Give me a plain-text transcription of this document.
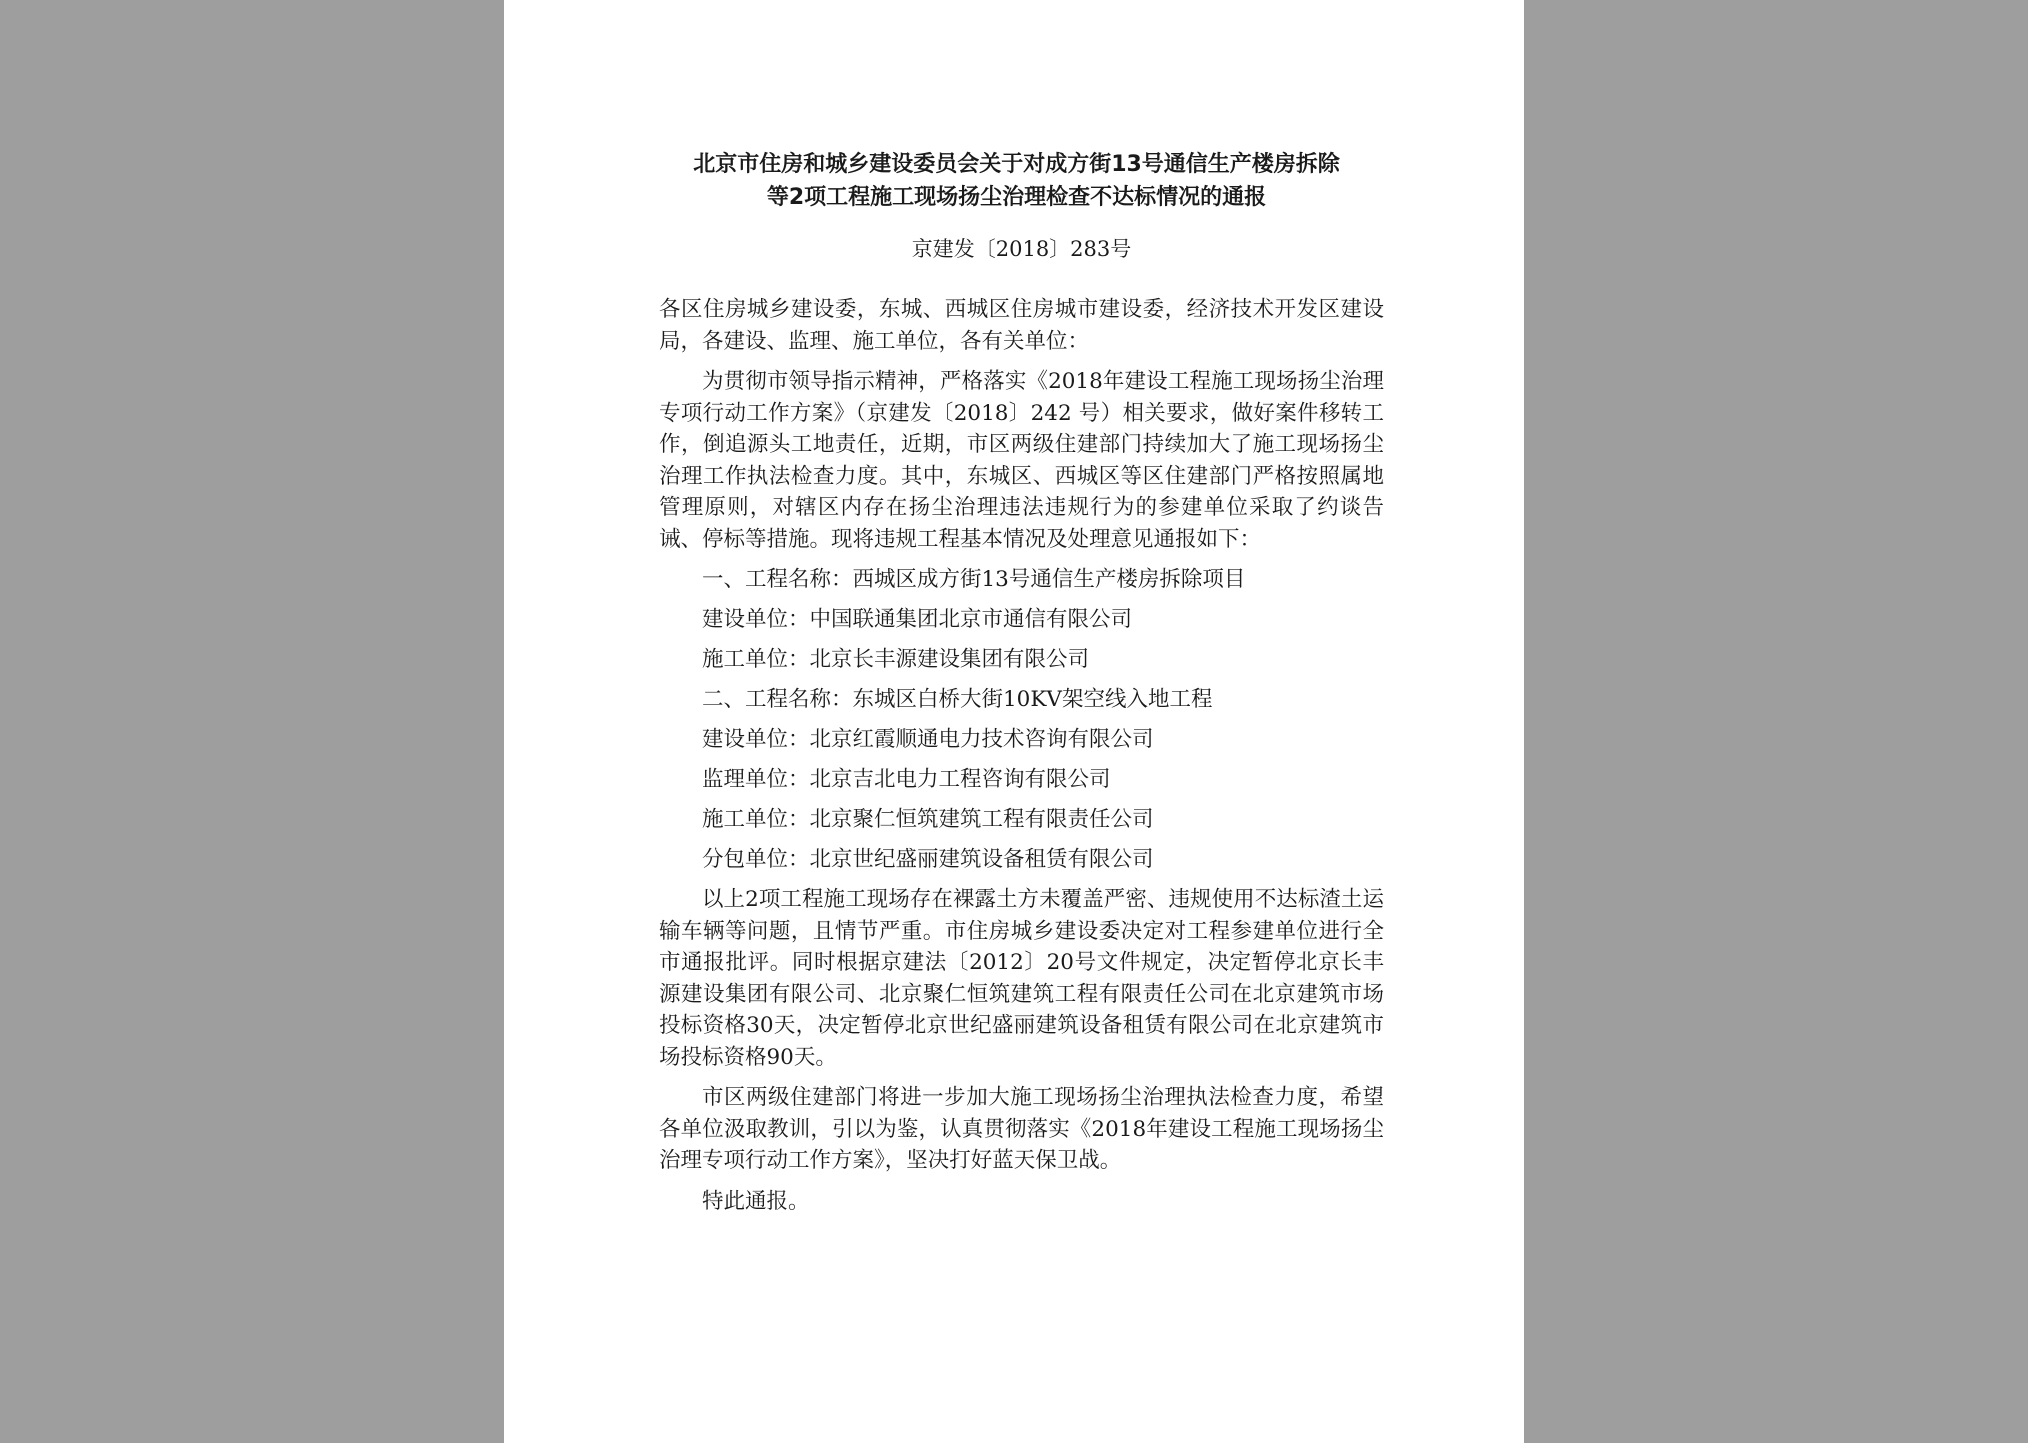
北京市住房和城乡建设委员会关于对成方街13号通信生产楼房拆除
等2项工程施工现场扬尘治理检查不达标情况的通报

京建发〔2018〕283号

各区住房城乡建设委，东城、西城区住房城市建设委，经济技术开发区建设局，各建设、监理、施工单位，各有关单位：

为贯彻市领导指示精神，严格落实《2018年建设工程施工现场扬尘治理专项行动工作方案》（京建发〔2018〕242 号）相关要求，做好案件移转工作，倒追源头工地责任，近期，市区两级住建部门持续加大了施工现场扬尘治理工作执法检查力度。其中，东城区、西城区等区住建部门严格按照属地管理原则，对辖区内存在扬尘治理违法违规行为的参建单位采取了约谈告诫、停标等措施。现将违规工程基本情况及处理意见通报如下：

一、工程名称：西城区成方街13号通信生产楼房拆除项目

建设单位：中国联通集团北京市通信有限公司

施工单位：北京长丰源建设集团有限公司

二、工程名称：东城区白桥大街10KV架空线入地工程

建设单位：北京红霞顺通电力技术咨询有限公司

监理单位：北京吉北电力工程咨询有限公司

施工单位：北京聚仁恒筑建筑工程有限责任公司

分包单位：北京世纪盛丽建筑设备租赁有限公司

以上2项工程施工现场存在裸露土方未覆盖严密、违规使用不达标渣土运输车辆等问题，且情节严重。市住房城乡建设委决定对工程参建单位进行全市通报批评。同时根据京建法〔2012〕20号文件规定，决定暂停北京长丰源建设集团有限公司、北京聚仁恒筑建筑工程有限责任公司在北京建筑市场投标资格30天，决定暂停北京世纪盛丽建筑设备租赁有限公司在北京建筑市场投标资格90天。

市区两级住建部门将进一步加大施工现场扬尘治理执法检查力度，希望各单位汲取教训，引以为鉴，认真贯彻落实《2018年建设工程施工现场扬尘治理专项行动工作方案》，坚决打好蓝天保卫战。

特此通报。
